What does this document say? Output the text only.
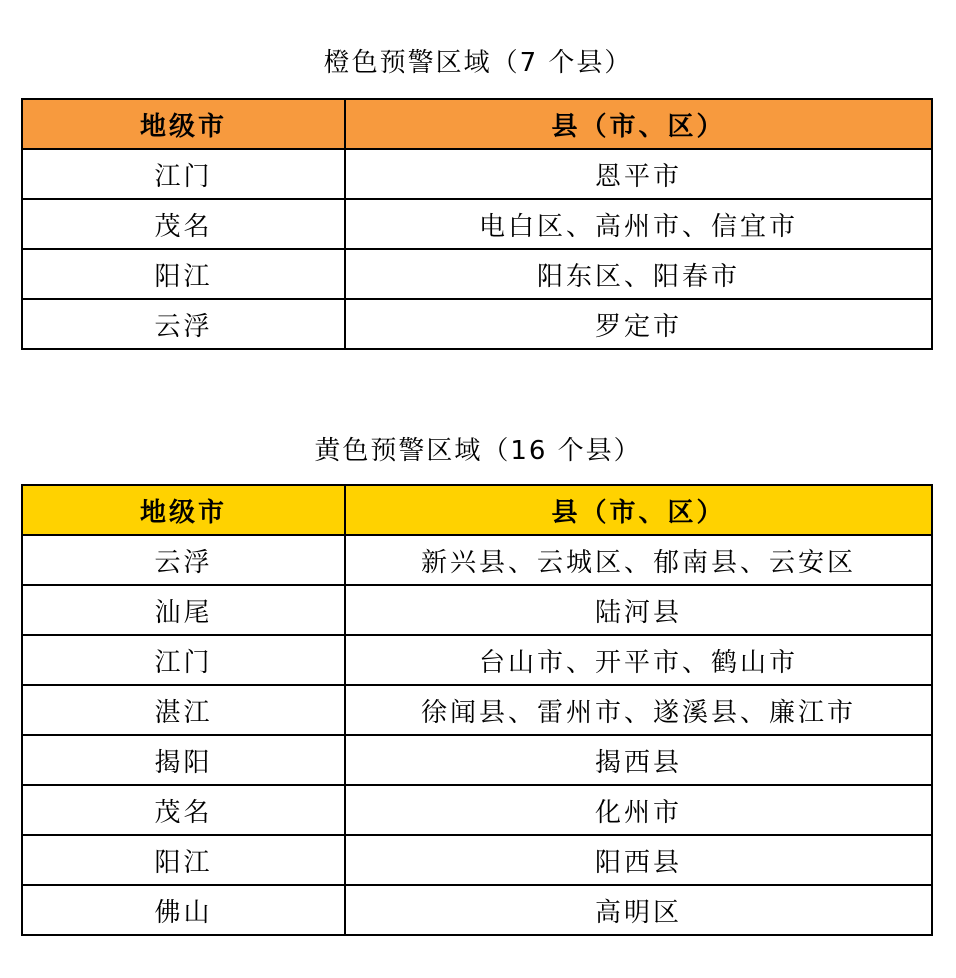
橙色预警区域（7 个县）
地级市	县（市、区）
江门	恩平市
茂名	电白区、高州市、信宜市
阳江	阳东区、阳春市
云浮	罗定市
黄色预警区域（16 个县）
地级市	县（市、区）
云浮	新兴县、云城区、郁南县、云安区
汕尾	陆河县
江门	台山市、开平市、鹤山市
湛江	徐闻县、雷州市、遂溪县、廉江市
揭阳	揭西县
茂名	化州市
阳江	阳西县
佛山	高明区
